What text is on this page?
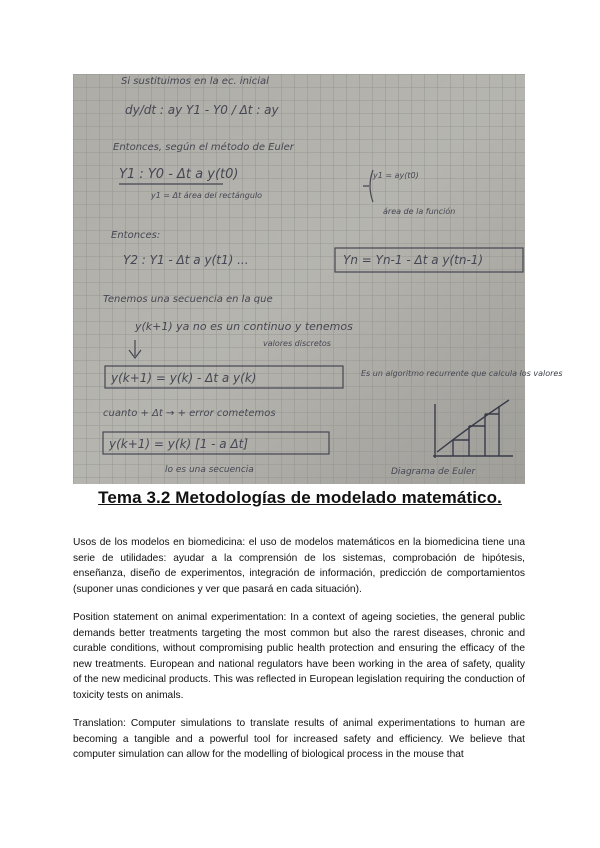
Si sustituimos en la ec. inicial
dy/dt : ay Y1 - Y0 / Δt : ay
Entonces, según el método de Euler
Y1 : Y0 - Δt a y(t0)	y1 = ay(t0)
y1 = Δt área del rectángulo
área de la función
Entonces:
Y2 : Y1 - Δt a y(t1) ...	Yn = Yn-1 - Δt a y(tn-1)
Tenemos una secuencia en la que
y(k+1) ya no es un continuo y tenemos
valores discretos
y(k+1) = y(k) - Δt a y(k)	Es un algoritmo recurrente que calcula los valores
cuanto + Δt → + error cometemos
y(k+1) = y(k) [1 - a Δt]
lo es una secuencia	Diagrama de Euler
Tema 3.2 Metodologías de modelado matemático.

Usos de los modelos en biomedicina: el uso de modelos matemáticos en la biomedicina tiene una serie de utilidades: ayudar a la comprensión de los sistemas, comprobación de hipótesis, enseñanza, diseño de experimentos, integración de información, predicción de comportamientos (suponer unas condiciones y ver que pasará en cada situación).

Position statement on animal experimentation: In a context of ageing societies, the general public demands better treatments targeting the most common but also the rarest diseases, chronic and curable conditions, without compromising public health protection and ensuring the efficacy of the new treatments. European and national regulators have been working in the area of safety, quality of the new medicinal products. This was reflected in European legislation requiring the conduction of toxicity tests on animals.

Translation: Computer simulations to translate results of animal experimentations to human are becoming a tangible and a powerful tool for increased safety and efficiency. We believe that computer simulation can allow for the modelling of biological process in the mouse that
